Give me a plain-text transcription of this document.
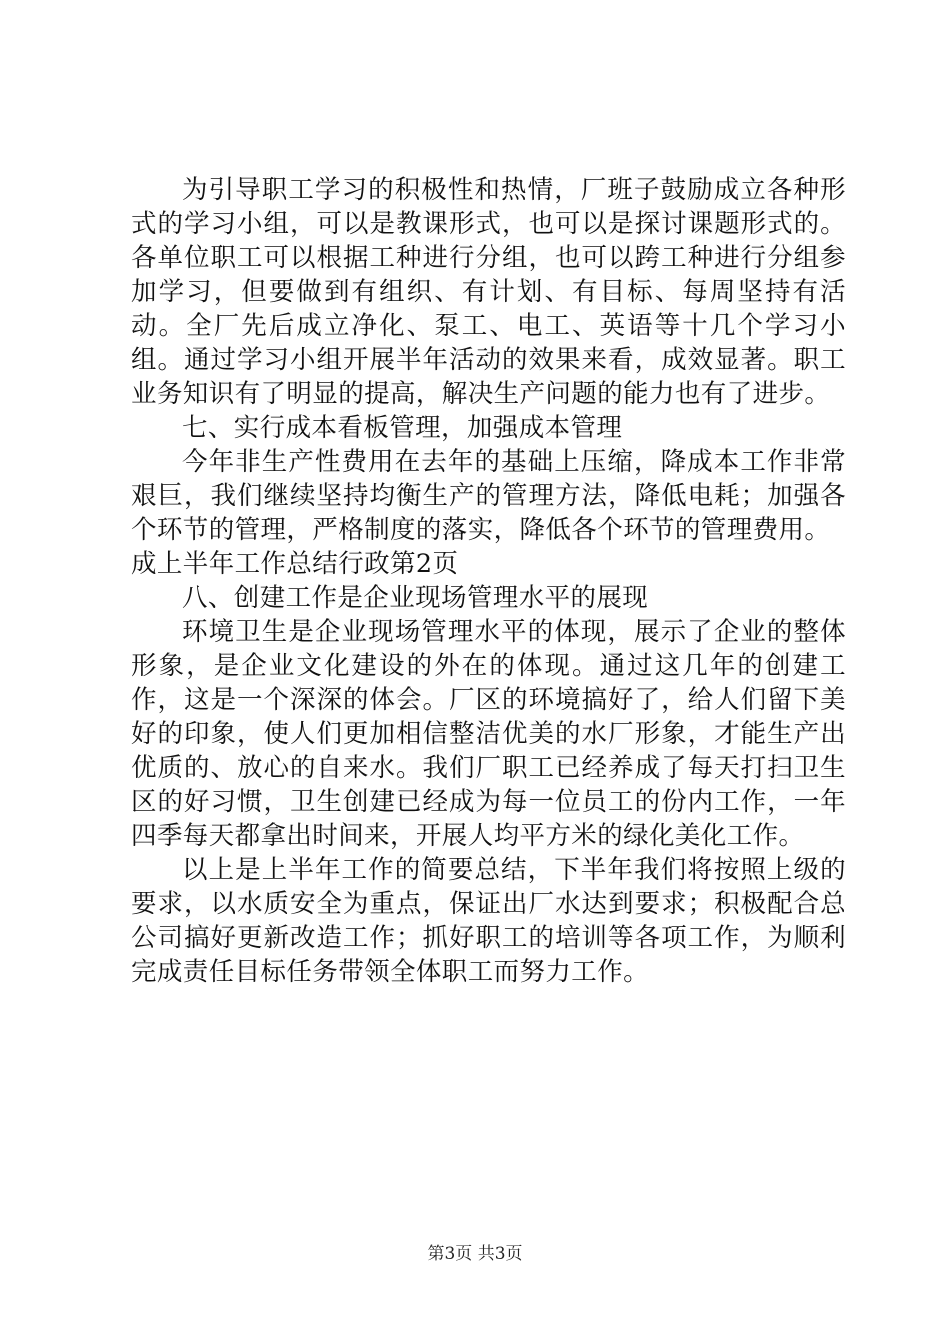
为引导职工学习的积极性和热情，厂班子鼓励成立各种形式的学习小组，可以是教课形式，也可以是探讨课题形式的。各单位职工可以根据工种进行分组，也可以跨工种进行分组参加学习，但要做到有组织、有计划、有目标、每周坚持有活动。全厂先后成立净化、泵工、电工、英语等十几个学习小组。通过学习小组开展半年活动的效果来看，成效显著。职工业务知识有了明显的提高，解决生产问题的能力也有了进步。

七、实行成本看板管理，加强成本管理

今年非生产性费用在去年的基础上压缩，降成本工作非常艰巨，我们继续坚持均衡生产的管理方法，降低电耗；加强各个环节的管理，严格制度的落实，降低各个环节的管理费用。

成上半年工作总结行政第2页

八、创建工作是企业现场管理水平的展现

环境卫生是企业现场管理水平的体现，展示了企业的整体形象，是企业文化建设的外在的体现。通过这几年的创建工作，这是一个深深的体会。厂区的环境搞好了，给人们留下美好的印象，使人们更加相信整洁优美的水厂形象，才能生产出优质的、放心的自来水。我们厂职工已经养成了每天打扫卫生区的好习惯，卫生创建已经成为每一位员工的份内工作，一年四季每天都拿出时间来，开展人均平方米的绿化美化工作。

以上是上半年工作的简要总结，下半年我们将按照上级的要求，以水质安全为重点，保证出厂水达到要求；积极配合总公司搞好更新改造工作；抓好职工的培训等各项工作，为顺利完成责任目标任务带领全体职工而努力工作。

第3页 共3页
